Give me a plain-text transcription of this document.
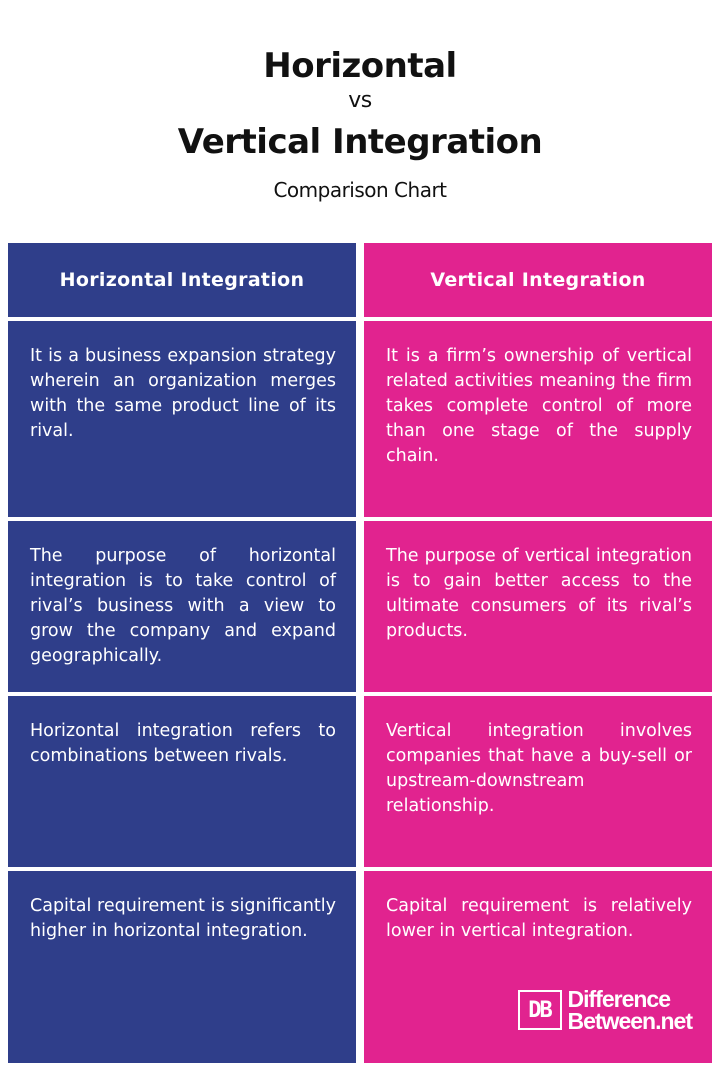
Horizontal
vs
Vertical Integration
Comparison Chart
Horizontal Integration	Vertical Integration
It is a business expansion strategy wherein an organization merges with the same product line of its rival.
It is a firm’s ownership of vertical related activities meaning the firm takes complete control of more than one stage of the supply chain.
The purpose of horizontal integration is to take control of rival’s business with a view to grow the company and expand geographically.
The purpose of vertical integration is to gain better access to the ultimate consumers of its rival’s products.
Horizontal integration refers to combinations between rivals.
Vertical integration involves companies that have a buy-sell or upstream-downstream relationship.
Capital requirement is significantly higher in horizontal integration.
Capital requirement is relatively lower in vertical integration.
DB Difference
Between.net
